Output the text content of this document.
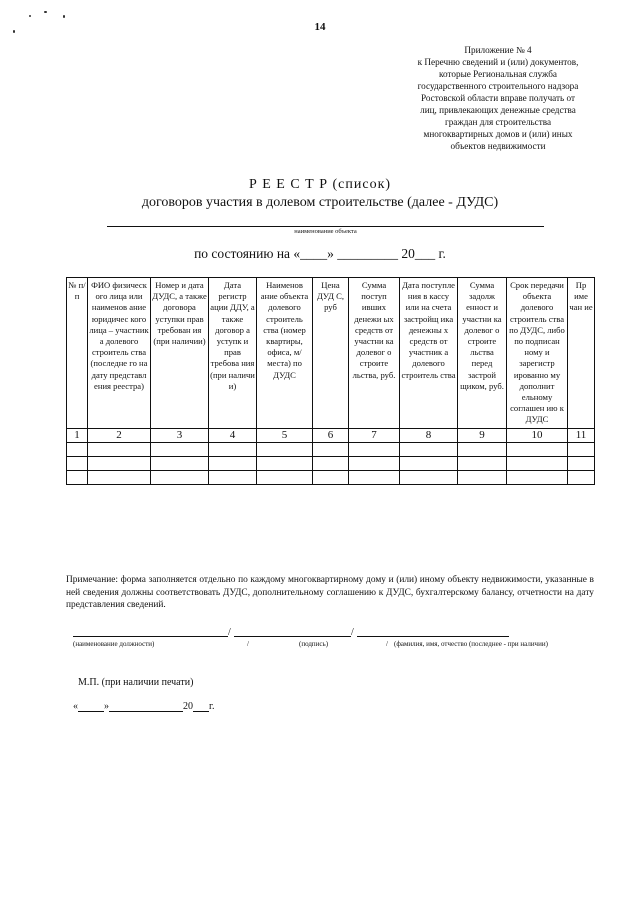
14
Приложение № 4
к Перечню сведений и (или) документов,
которые Региональная служба
государственного строительного надзора
Ростовской области вправе получать от
лиц, привлекающих денежные средства
граждан для строительства
многоквартирных домов и (или) иных
объектов недвижимости
Р Е Е С Т Р (список)
договоров участия в долевом строительстве (далее - ДУДС)
наименование объекта
по состоянию на «____» _________ 20___ г.
№ п/ п	ФИО физическ ого лица или наименов ание юридичес кого лица – участник а долевого строитель ства (последне го на дату представл ения реестра)	Номер и дата ДУДС, а также договора уступки прав требован ия (при наличии)	Дата регистр ации ДДУ, а также договор а уступк и прав требова ния (при наличи и)	Наименов ание объекта долевого строитель ства (номер квартиры, офиса, м/места) по ДУДС	Цена ДУД С, руб	Сумма поступ ивших денежи ых средств от участни ка долевог о строите льства, руб.	Дата поступле ния в кассу или на счета застройщ ика денежны х средств от участник а долевого строитель ства	Сумма задолж енност и участни ка долевог о строите льства перед застрой щиком, руб.	Срок передачи объекта долевого строитель ства по ДУДС, либо по подписан ному и зарегистр ированно му дополнит ельному соглашен ию к ДУДС	Пр име чан ие
1	2	3	4	5	6	7	8	9	10	11

Примечание: форма заполняется отдельно по каждому многоквартирному дому и (или) иному объекту недвижимости, указанные в ней сведения должны соответствовать ДУДС, дополнительному соглашению к ДУДС, бухгалтерскому балансу, отчетности на дату представления сведений.
/	/
(наименование должности)	/	(подпись)	/ (фамилия, имя, отчество (последнее - при наличии)
М.П. (при наличии печати)
«	»	20 г.
